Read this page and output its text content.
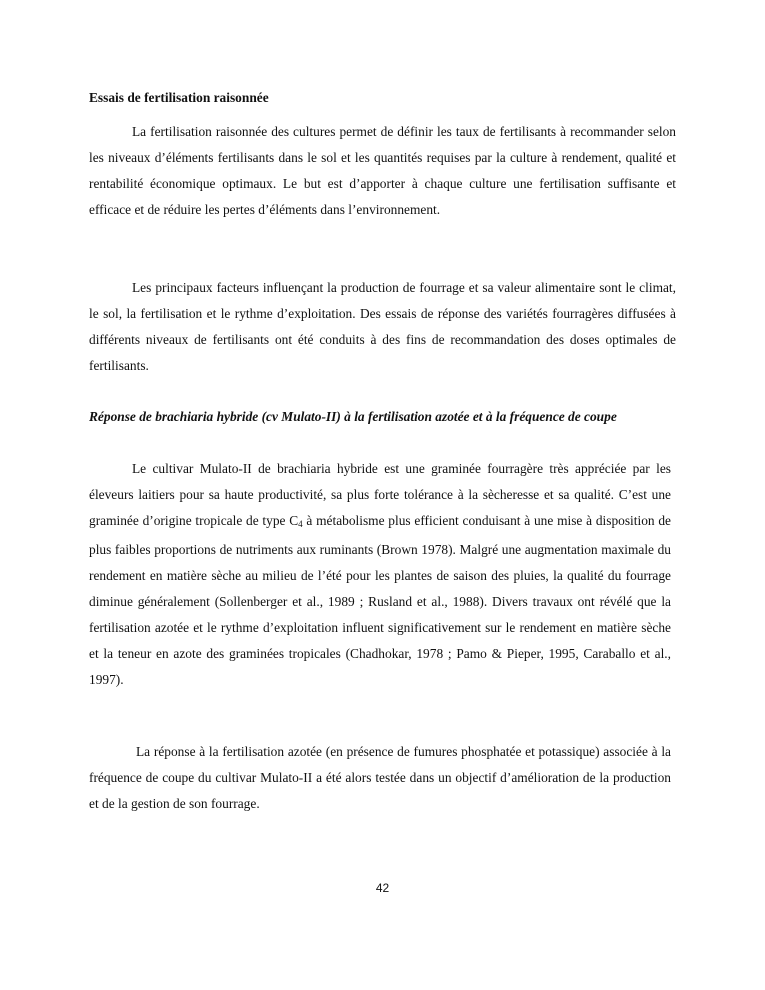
Essais de fertilisation raisonnée

La fertilisation raisonnée des cultures permet de définir les taux de fertilisants à recommander selon les niveaux d’éléments fertilisants dans le sol et les quantités requises par la culture à rendement, qualité et rentabilité économique optimaux. Le but est d’apporter à chaque culture une fertilisation suffisante et efficace et de réduire les pertes d’éléments dans l’environnement.

Les principaux facteurs influençant la production de fourrage et sa valeur alimentaire sont le climat, le sol, la fertilisation et le rythme d’exploitation. Des essais de réponse des variétés fourragères diffusées à différents niveaux de fertilisants ont été conduits à des fins de recommandation des doses optimales de fertilisants.

Réponse de brachiaria hybride (cv Mulato-II) à la fertilisation azotée et à la fréquence de coupe

Le cultivar Mulato-II de brachiaria hybride est une graminée fourragère très appréciée par les éleveurs laitiers pour sa haute productivité, sa plus forte tolérance à la sècheresse et sa qualité. C’est une graminée d’origine tropicale de type $C_4$ à métabolisme plus efficient conduisant à une mise à disposition de plus faibles proportions de nutriments aux ruminants (Brown 1978). Malgré une augmentation maximale du rendement en matière sèche au milieu de l’été pour les plantes de saison des pluies, la qualité du fourrage diminue généralement (Sollenberger et al., 1989 ; Rusland et al., 1988). Divers travaux ont révélé que la fertilisation azotée et le rythme d’exploitation influent significativement sur le rendement en matière sèche et la teneur en azote des graminées tropicales (Chadhokar, 1978 ; Pamo & Pieper, 1995, Caraballo et al., 1997).

La réponse à la fertilisation azotée (en présence de fumures phosphatée et potassique) associée à la fréquence de coupe du cultivar Mulato-II a été alors testée dans un objectif d’amélioration de la production et de la gestion de son fourrage.

42
